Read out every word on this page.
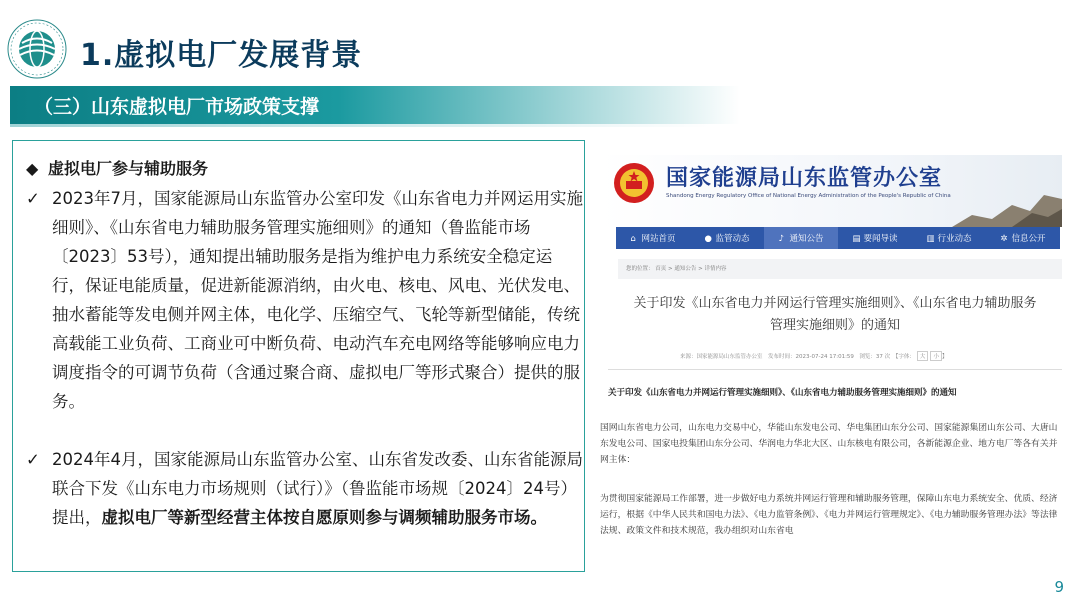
1.虚拟电厂发展背景
（三）山东虚拟电厂市场政策支撑
◆ 虚拟电厂参与辅助服务
✓ 2023年7月，国家能源局山东监管办公室印发《山东省电力并网运用实施细则》、《山东省电力辅助服务管理实施细则》的通知（鲁监能市场〔2023〕53号），通知提出辅助服务是指为维护电力系统安全稳定运行，保证电能质量，促进新能源消纳，由火电、核电、风电、光伏发电、抽水蓄能等发电侧并网主体，电化学、压缩空气、飞轮等新型储能，传统高载能工业负荷、工商业可中断负荷、电动汽车充电网络等能够响应电力调度指令的可调节负荷（含通过聚合商、虚拟电厂等形式聚合）提供的服务。
✓ 2024年4月，国家能源局山东监管办公室、山东省发改委、山东省能源局联合下发《山东电力市场规则（试行）》（鲁监能市场规〔2024〕24号）提出，虚拟电厂等新型经营主体按自愿原则参与调频辅助服务市场。
国家能源局山东监管办公室
Shandong Energy Regulatory Office of National Energy Administration of the People's Republic of China
⌂ 网站首页	● 监管动态	♪ 通知公告	▤ 要闻导读	▥ 行业动态	✲ 信息公开
您的位置： 首页 > 通知公告 > 详情内容
关于印发《山东省电力并网运行管理实施细则》、《山东省电力辅助服务管理实施细则》的通知
来源：国家能源局山东监管办公室　发布时间：2023-07-24 17:01:59　浏览：37 次　【字体： 大 小 】
关于印发《山东省电力并网运行管理实施细则》、《山东省电力辅助服务管理实施细则》的通知
国网山东省电力公司，山东电力交易中心，华能山东发电公司、华电集团山东分公司、国家能源集团山东公司、大唐山东发电公司、国家电投集团山东分公司、华润电力华北大区、山东核电有限公司，各新能源企业、地方电厂等各有关并网主体：
为贯彻国家能源局工作部署，进一步做好电力系统并网运行管理和辅助服务管理，保障山东电力系统安全、优质、经济运行，根据《中华人民共和国电力法》、《电力监管条例》、《电力并网运行管理规定》、《电力辅助服务管理办法》等法律法规、政策文件和技术规范，我办组织对山东省电
9
